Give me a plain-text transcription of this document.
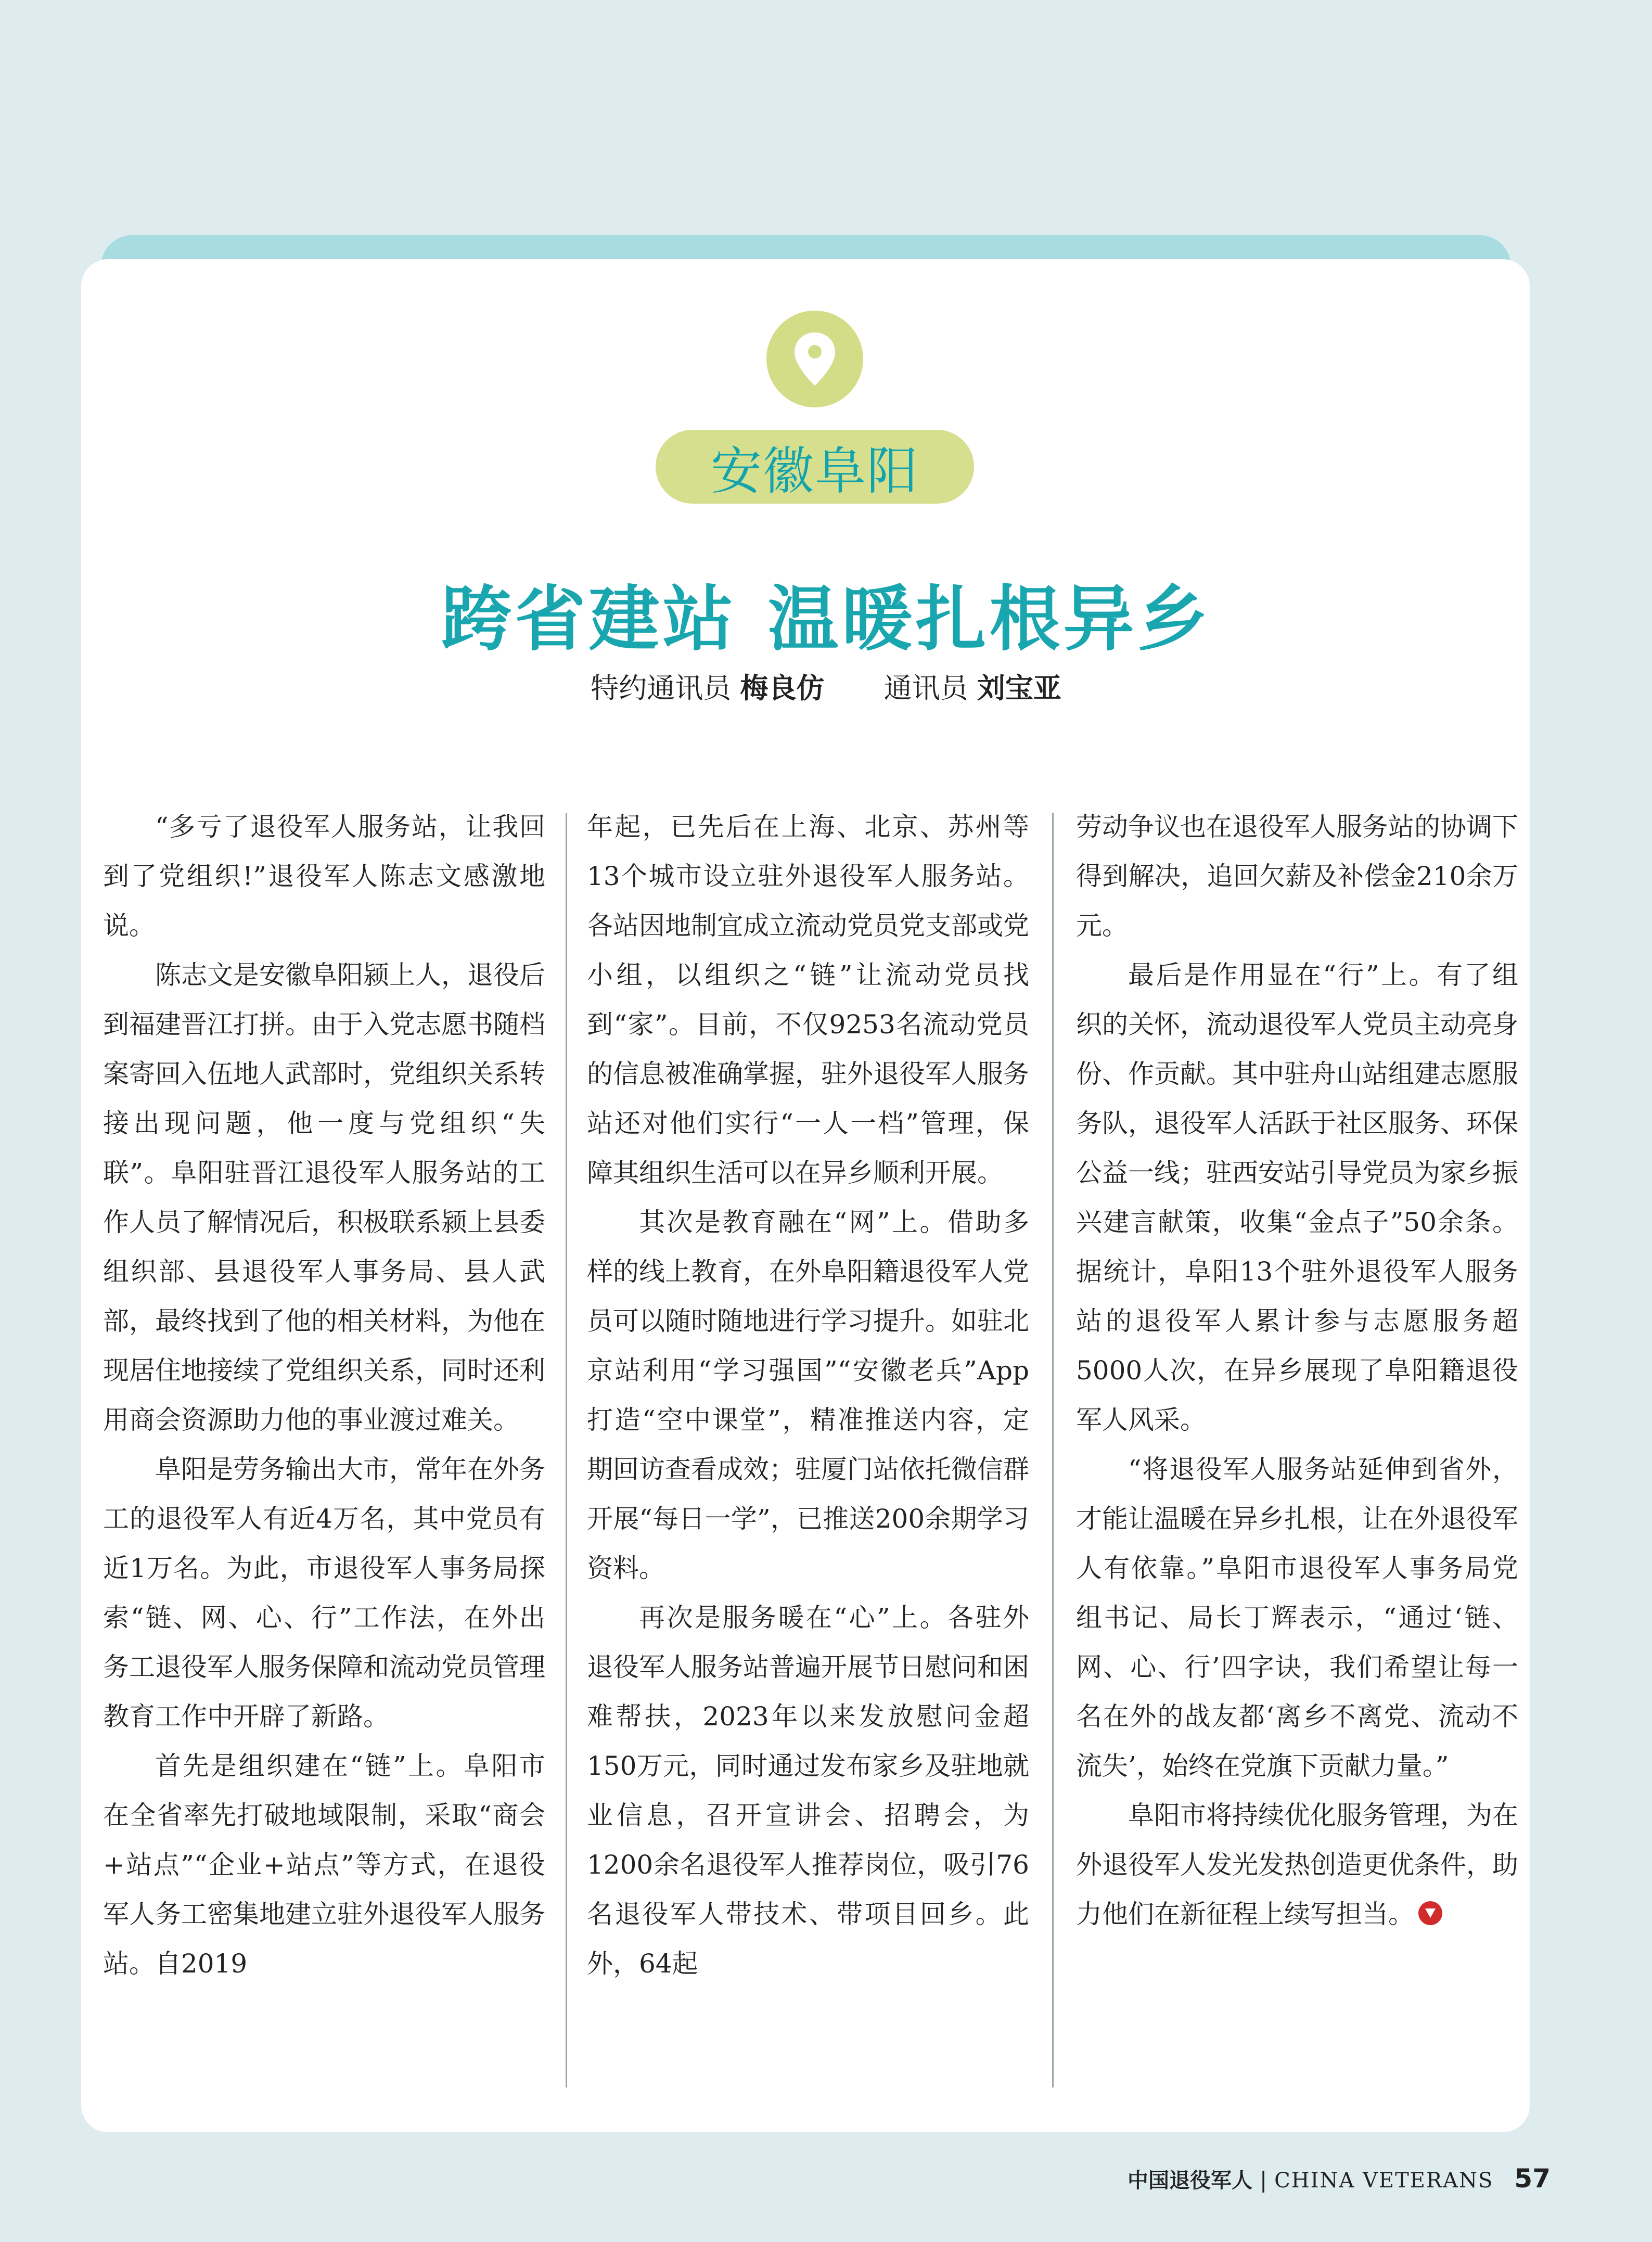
安徽阜阳
跨省建站 温暖扎根异乡
特约通讯员 梅良仿 通讯员 刘宝亚

“多亏了退役军人服务站，让我回到了党组织!”退役军人陈志文感激地说。

陈志文是安徽阜阳颍上人，退役后到福建晋江打拼。由于入党志愿书随档案寄回入伍地人武部时，党组织关系转接出现问题，他一度与党组织“失联”。阜阳驻晋江退役军人服务站的工作人员了解情况后，积极联系颍上县委组织部、县退役军人事务局、县人武部，最终找到了他的相关材料，为他在现居住地接续了党组织关系，同时还利用商会资源助力他的事业渡过难关。

阜阳是劳务输出大市，常年在外务工的退役军人有近4万名，其中党员有近1万名。为此，市退役军人事务局探索“链、网、心、行”工作法，在外出务工退役军人服务保障和流动党员管理教育工作中开辟了新路。

首先是组织建在“链”上。阜阳市在全省率先打破地域限制，采取“商会+站点”“企业+站点”等方式，在退役军人务工密集地建立驻外退役军人服务站。自2019

年起，已先后在上海、北京、苏州等13个城市设立驻外退役军人服务站。各站因地制宜成立流动党员党支部或党小组，以组织之“链”让流动党员找到“家”。目前，不仅9253名流动党员的信息被准确掌握，驻外退役军人服务站还对他们实行“一人一档”管理，保障其组织生活可以在异乡顺利开展。

其次是教育融在“网”上。借助多样的线上教育，在外阜阳籍退役军人党员可以随时随地进行学习提升。如驻北京站利用“学习强国”“安徽老兵”App打造“空中课堂”，精准推送内容，定期回访查看成效；驻厦门站依托微信群开展“每日一学”，已推送200余期学习资料。

再次是服务暖在“心”上。各驻外退役军人服务站普遍开展节日慰问和困难帮扶，2023年以来发放慰问金超150万元，同时通过发布家乡及驻地就业信息，召开宣讲会、招聘会，为1200余名退役军人推荐岗位，吸引76名退役军人带技术、带项目回乡。此外，64起

劳动争议也在退役军人服务站的协调下得到解决，追回欠薪及补偿金210余万元。

最后是作用显在“行”上。有了组织的关怀，流动退役军人党员主动亮身份、作贡献。其中驻舟山站组建志愿服务队，退役军人活跃于社区服务、环保公益一线；驻西安站引导党员为家乡振兴建言献策，收集“金点子”50余条。据统计，阜阳13个驻外退役军人服务站的退役军人累计参与志愿服务超5000人次，在异乡展现了阜阳籍退役军人风采。

“将退役军人服务站延伸到省外，才能让温暖在异乡扎根，让在外退役军人有依靠。”阜阳市退役军人事务局党组书记、局长丁辉表示，“通过‘链、网、心、行’四字诀，我们希望让每一名在外的战友都‘离乡不离党、流动不流失’，始终在党旗下贡献力量。”

阜阳市将持续优化服务管理，为在外退役军人发光发热创造更优条件，助力他们在新征程上续写担当。

中国退役军人 | CHINA VETERANS 57
